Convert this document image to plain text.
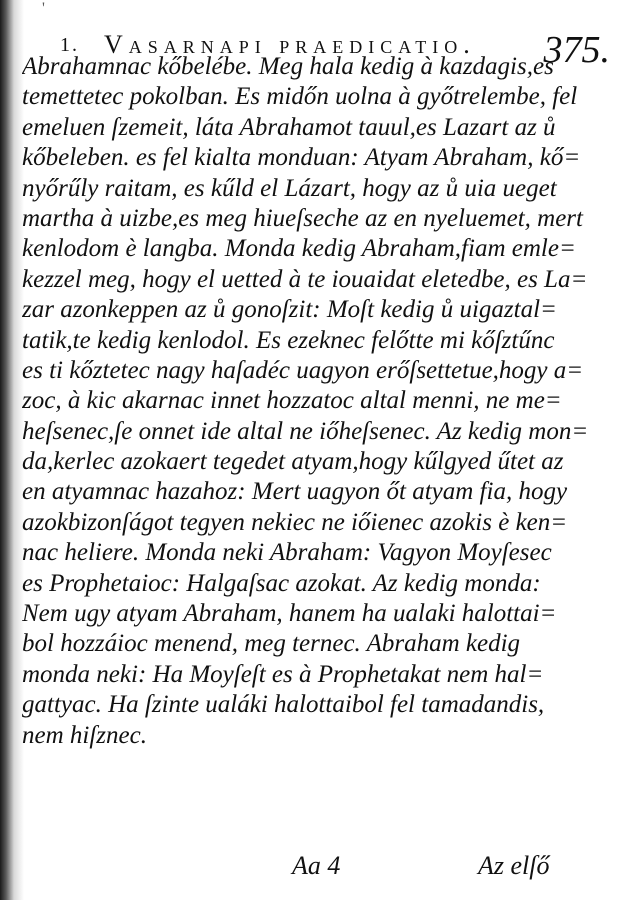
'
1. Vasarnapi praedicatio. 375.
Abrahamnac kőbelébe. Meg hala kedig à kazdagis,es
temettetec pokolban. Es midőn uolna à győtrelembe, fel
emeluen ſzemeit, láta Abrahamot tauul,es Lazart az ů
kőbeleben. es fel kialta monduan: Atyam Abraham, kő=
nyőrűly raitam, es kűld el Lázart, hogy az ů uia ueget
martha à uizbe,es meg hiueſseche az en nyeluemet, mert
kenlodom è langba. Monda kedig Abraham,fiam emle=
kezzel meg, hogy el uetted à te iouaidat eletedbe, es La=
zar azonkeppen az ů gonoſzit: Moſt kedig ů uigaztal=
tatik,te kedig kenlodol. Es ezeknec felőtte mi kőſztűnc
es ti kőztetec nagy haſadéc uagyon erőſsettetue,hogy a=
zoc, à kic akarnac innet hozzatoc altal menni, ne me=
heſsenec,ſe onnet ide altal ne iőheſsenec. Az kedig mon=
da,kerlec azokaert tegedet atyam,hogy kűlgyed űtet az
en atyamnac hazahoz: Mert uagyon őt atyam fia, hogy
azokbizonſágot tegyen nekiec ne iőienec azokis è ken=
nac heliere. Monda neki Abraham: Vagyon Moyſesec
es Prophetaioc: Halgaſsac azokat. Az kedig monda:
Nem ugy atyam Abraham, hanem ha ualaki halottai=
bol hozzáioc menend, meg ternec. Abraham kedig
monda neki: Ha Moyſeſt es à Prophetakat nem hal=
gattyac. Ha ſzinte ualáki halottaibol fel tamadandis,
nem hiſznec.
Aa 4	Az elſő
